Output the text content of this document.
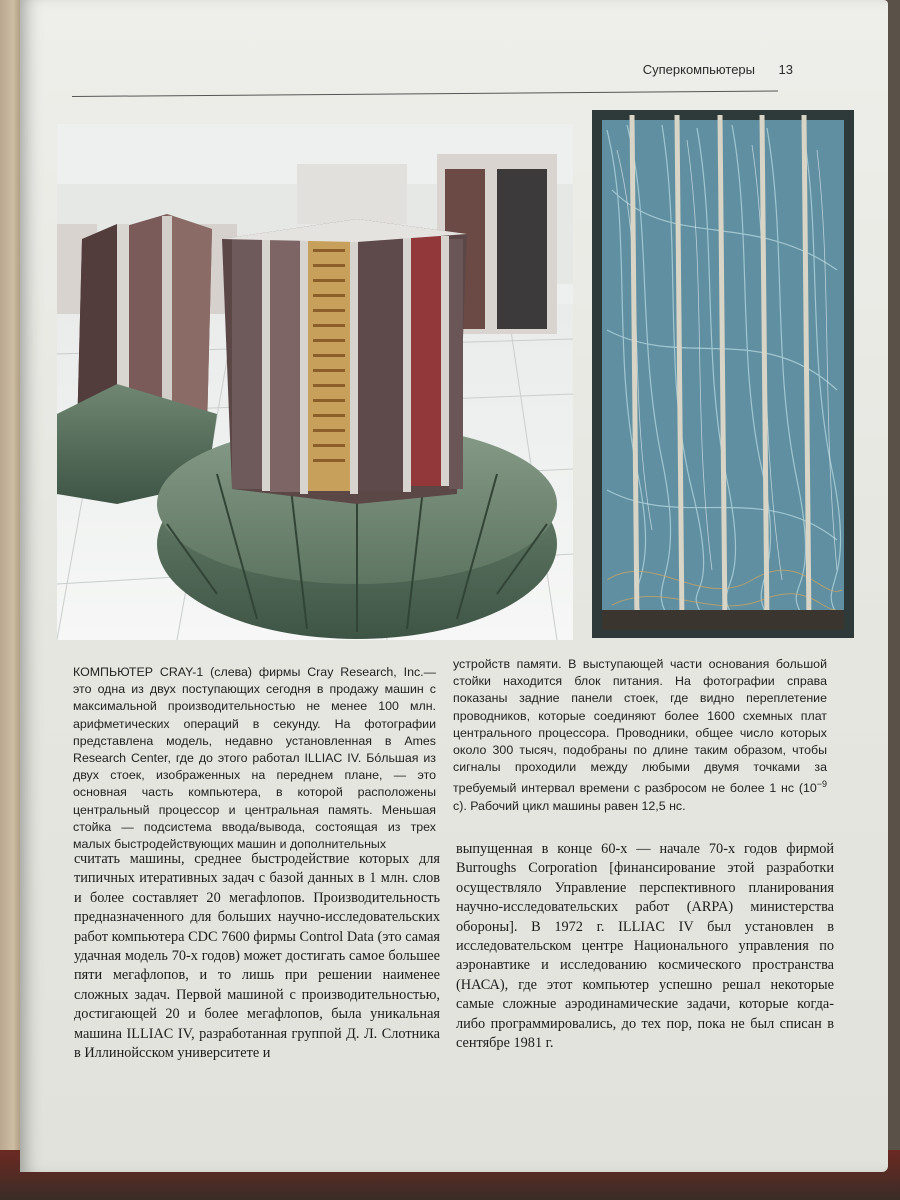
Суперкомпьютеры 13
КОМПЬЮТЕР CRAY-1 (слева) фирмы Cray Research, Inc.— это одна из двух поступающих сегодня в продажу машин с максимальной производительностью не менее 100 млн. арифметических операций в секунду. На фотографии представлена модель, недавно установленная в Ames Research Center, где до этого работал ILLIAC IV. Бóльшая из двух стоек, изображенных на переднем плане, — это основная часть компьютера, в которой расположены центральный процессор и центральная память. Меньшая стойка — подсистема ввода/вывода, состоящая из трех малых быстродействующих машин и дополнительных
устройств памяти. В выступающей части основания большой стойки находится блок питания. На фотографии справа показаны задние панели стоек, где видно переплетение проводников, которые соединяют более 1600 схемных плат центрального процессора. Проводники, общее число которых около 300 тысяч, подобраны по длине таким образом, чтобы сигналы проходили между любыми двумя точками за требуемый интервал времени с разбросом не более 1 нс ($10^{-9}$ с). Рабочий цикл машины равен 12,5 нс.
считать машины, среднее быстродействие которых для типичных итеративных задач с базой данных в 1 млн. слов и более составляет 20 мегафлопов. Производительность предназначенного для больших научно-исследовательских работ компьютера CDC 7600 фирмы Control Data (это самая удачная модель 70-х годов) может достигать самое большее пяти мегафлопов, и то лишь при решении наименее сложных задач. Первой машиной с производительностью, достигающей 20 и более мегафлопов, была уникальная машина ILLIAC IV, разработанная группой Д. Л. Слотника в Иллинойсском университете и
выпущенная в конце 60-х — начале 70-х годов фирмой Burroughs Corporation [финансирование этой разработки осуществляло Управление перспективного планирования научно-исследовательских работ (ARPA) министерства обороны]. В 1972 г. ILLIAC IV был установлен в исследовательском центре Национального управления по аэронавтике и исследованию космического пространства (НАСА), где этот компьютер успешно решал некоторые самые сложные аэродинамические задачи, которые когда-либо программировались, до тех пор, пока не был списан в сентябре 1981 г.
